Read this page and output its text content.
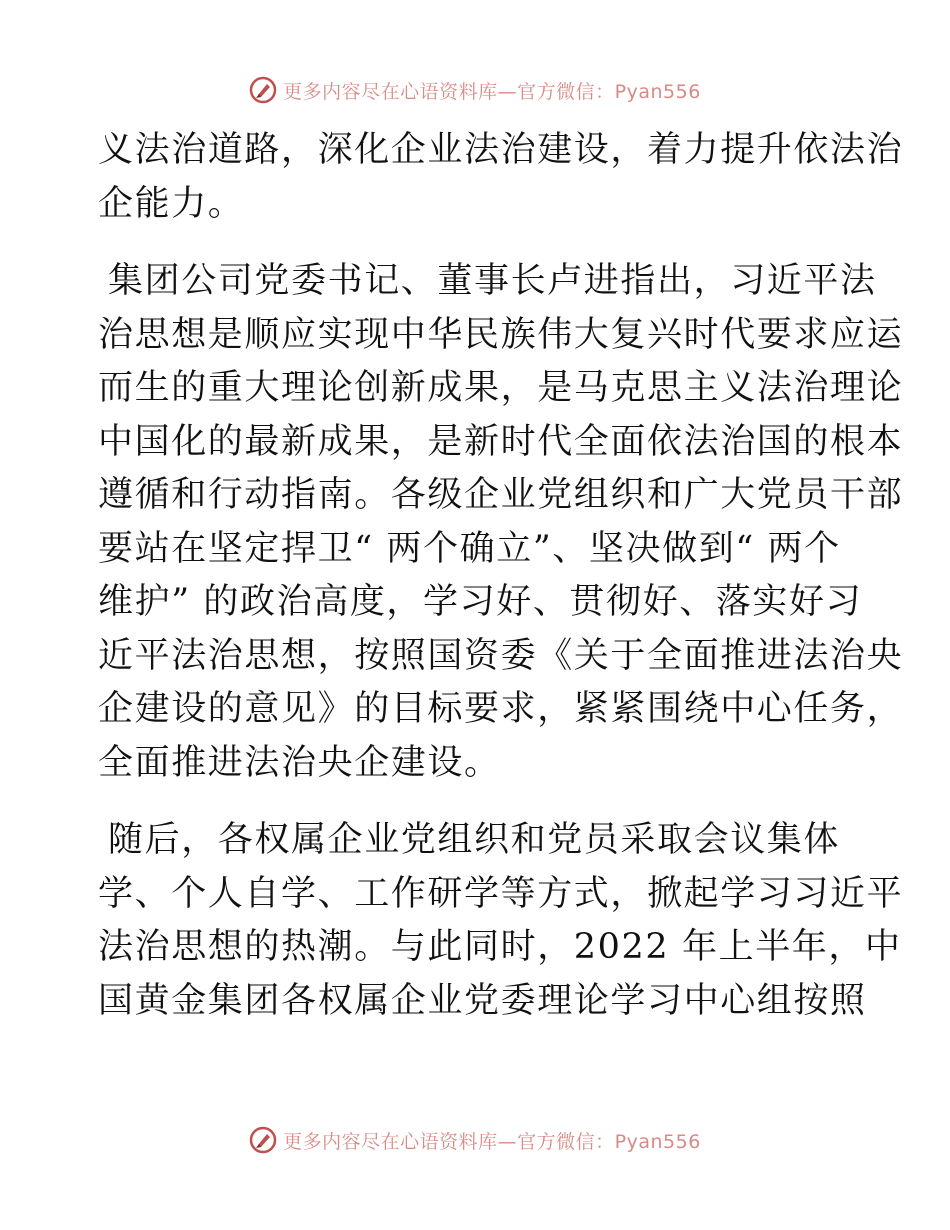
更多内容尽在心语资料库—官方微信：Pyan556

义法治道路，深化企业法治建设，着力提升依法治
企能力。

集团公司党委书记、董事长卢进指出，习近平法
治思想是顺应实现中华民族伟大复兴时代要求应运
而生的重大理论创新成果，是马克思主义法治理论
中国化的最新成果，是新时代全面依法治国的根本
遵循和行动指南。各级企业党组织和广大党员干部
要站在坚定捍卫“ 两个确立”、坚决做到“ 两个
维护” 的政治高度，学习好、贯彻好、落实好习
近平法治思想，按照国资委《关于全面推进法治央
企建设的意见》的目标要求，紧紧围绕中心任务，
全面推进法治央企建设。

随后，各权属企业党组织和党员采取会议集体
学、个人自学、工作研学等方式，掀起学习习近平
法治思想的热潮。与此同时，2022 年上半年，中
国黄金集团各权属企业党委理论学习中心组按照

更多内容尽在心语资料库—官方微信：Pyan556
